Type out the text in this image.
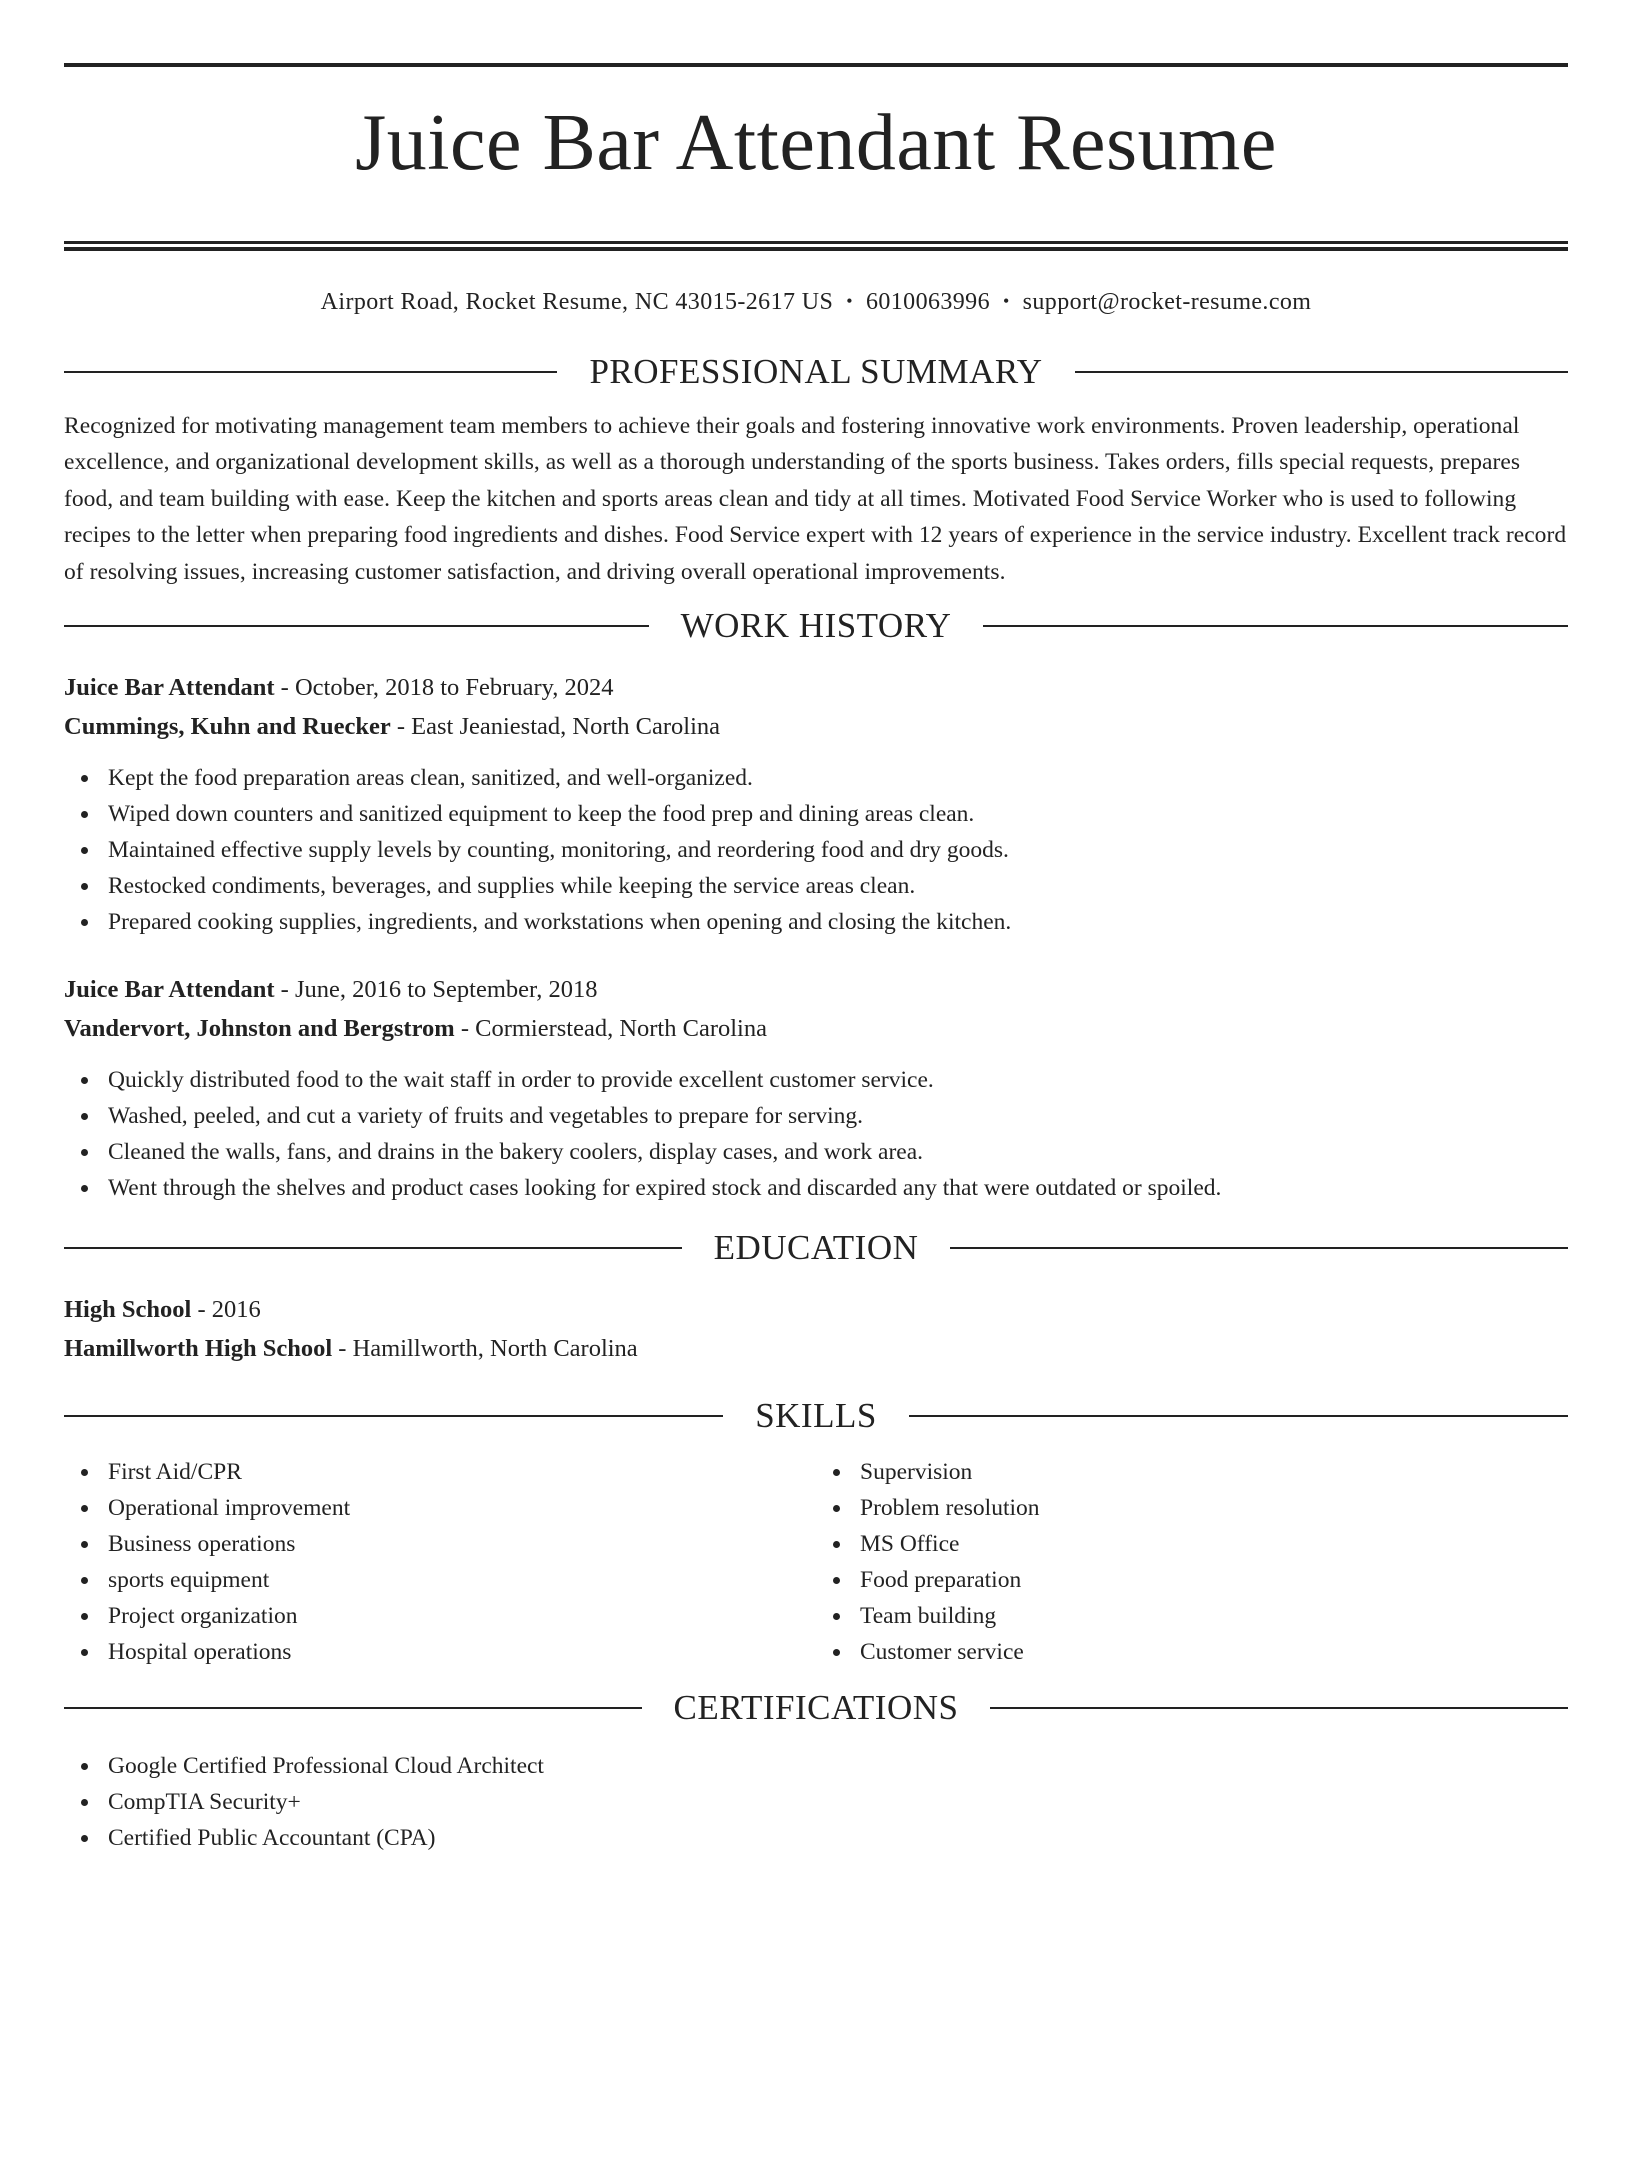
Juice Bar Attendant Resume
Airport Road, Rocket Resume, NC 43015-2617 US • 6010063996 • support@rocket-resume.com
PROFESSIONAL SUMMARY
Recognized for motivating management team members to achieve their goals and fostering innovative work environments. Proven leadership, operational excellence, and organizational development skills, as well as a thorough understanding of the sports business. Takes orders, fills special requests, prepares food, and team building with ease. Keep the kitchen and sports areas clean and tidy at all times. Motivated Food Service Worker who is used to following recipes to the letter when preparing food ingredients and dishes. Food Service expert with 12 years of experience in the service industry. Excellent track record of resolving issues, increasing customer satisfaction, and driving overall operational improvements.
WORK HISTORY
Juice Bar Attendant - October, 2018 to February, 2024
Cummings, Kuhn and Ruecker - East Jeaniestad, North Carolina
Kept the food preparation areas clean, sanitized, and well-organized.
Wiped down counters and sanitized equipment to keep the food prep and dining areas clean.
Maintained effective supply levels by counting, monitoring, and reordering food and dry goods.
Restocked condiments, beverages, and supplies while keeping the service areas clean.
Prepared cooking supplies, ingredients, and workstations when opening and closing the kitchen.
Juice Bar Attendant - June, 2016 to September, 2018
Vandervort, Johnston and Bergstrom - Cormierstead, North Carolina
Quickly distributed food to the wait staff in order to provide excellent customer service.
Washed, peeled, and cut a variety of fruits and vegetables to prepare for serving.
Cleaned the walls, fans, and drains in the bakery coolers, display cases, and work area.
Went through the shelves and product cases looking for expired stock and discarded any that were outdated or spoiled.
EDUCATION
High School - 2016
Hamillworth High School - Hamillworth, North Carolina
SKILLS
First Aid/CPR
Operational improvement
Business operations
sports equipment
Project organization
Hospital operations
Supervision
Problem resolution
MS Office
Food preparation
Team building
Customer service
CERTIFICATIONS
Google Certified Professional Cloud Architect
CompTIA Security+
Certified Public Accountant (CPA)
